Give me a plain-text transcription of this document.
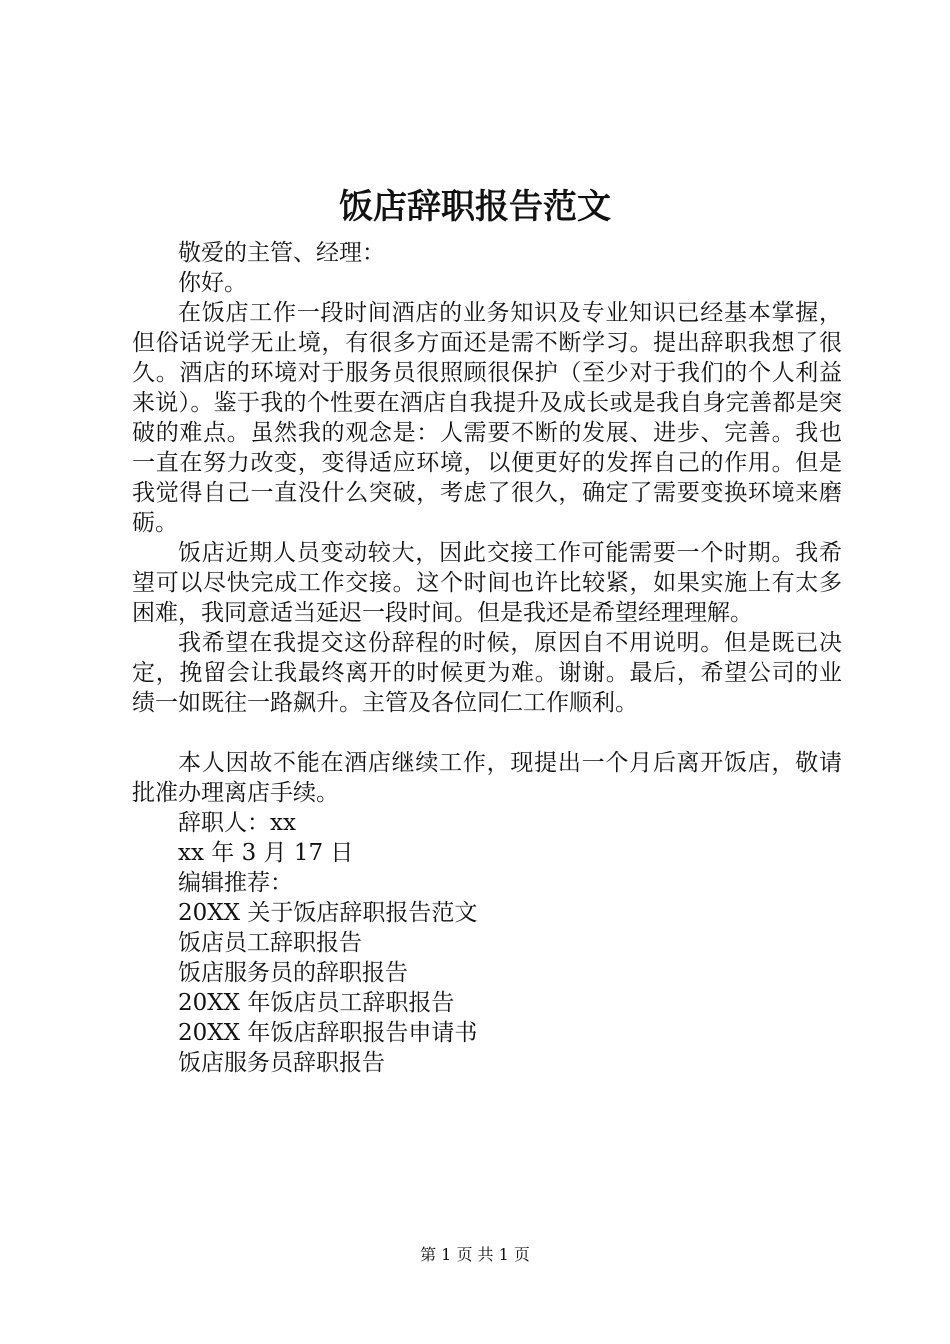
饭店辞职报告范文
敬爱的主管、经理：
你好。

在饭店工作一段时间酒店的业务知识及专业知识已经基本掌握，但俗话说学无止境，有很多方面还是需不断学习。提出辞职我想了很久。酒店的环境对于服务员很照顾很保护（至少对于我们的个人利益来说）。鉴于我的个性要在酒店自我提升及成长或是我自身完善都是突破的难点。虽然我的观念是：人需要不断的发展、进步、完善。我也一直在努力改变，变得适应环境，以便更好的发挥自己的作用。但是我觉得自己一直没什么突破，考虑了很久，确定了需要变换环境来磨砺。

饭店近期人员变动较大，因此交接工作可能需要一个时期。我希望可以尽快完成工作交接。这个时间也许比较紧，如果实施上有太多困难，我同意适当延迟一段时间。但是我还是希望经理理解。

我希望在我提交这份辞程的时候，原因自不用说明。但是既已决定，挽留会让我最终离开的时候更为难。谢谢。最后，希望公司的业绩一如既往一路飙升。主管及各位同仁工作顺利。

本人因故不能在酒店继续工作，现提出一个月后离开饭店，敬请批准办理离店手续。

辞职人：xx
xx 年 3 月 17 日
编辑推荐：
20XX 关于饭店辞职报告范文
饭店员工辞职报告
饭店服务员的辞职报告
20XX 年饭店员工辞职报告
20XX 年饭店辞职报告申请书
饭店服务员辞职报告
第 1 页 共 1 页
